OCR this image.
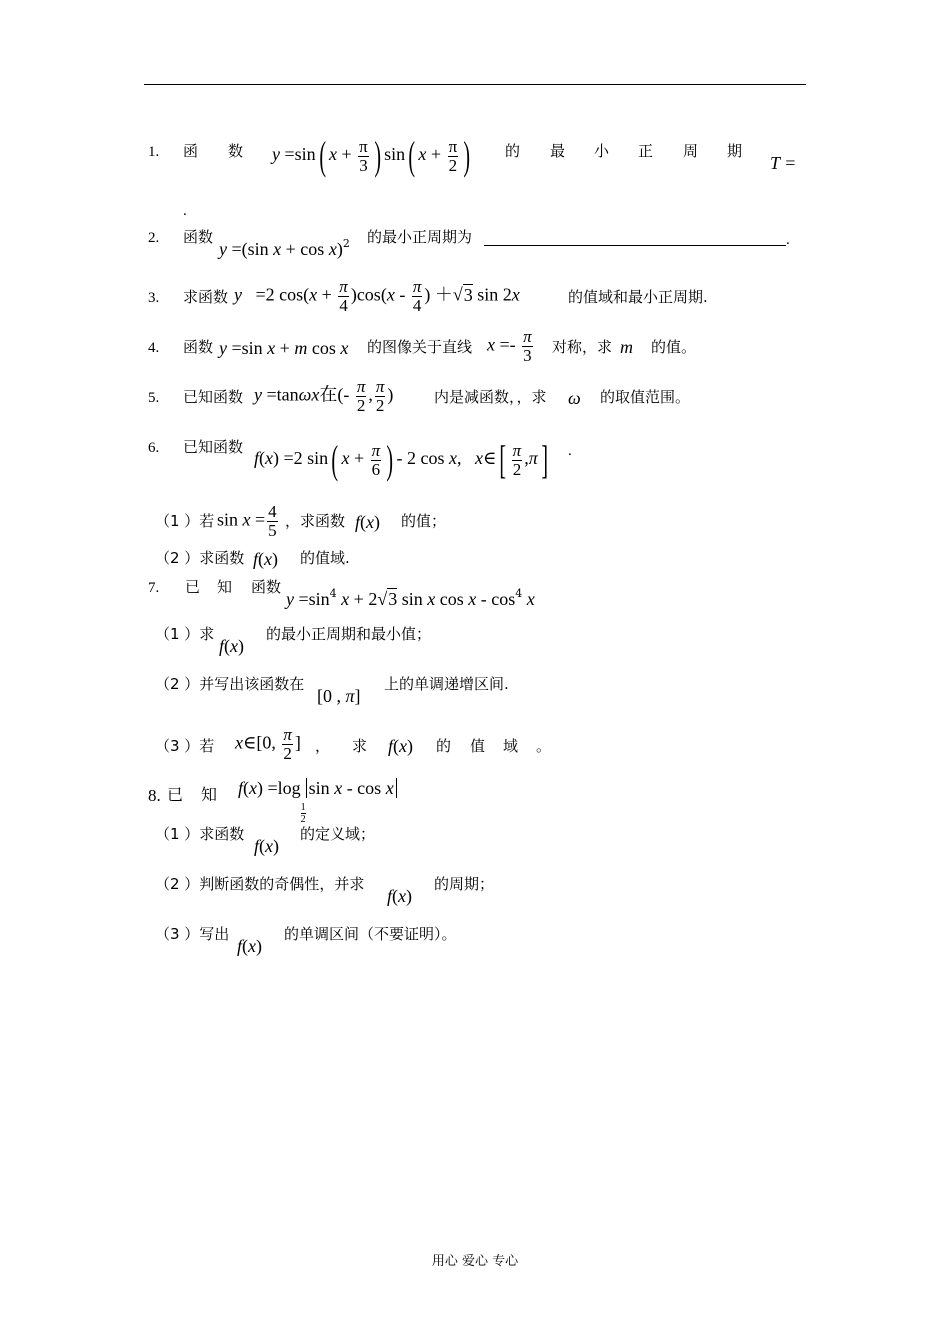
1. 函 数 y =sin( $x + \frac{\pi}{3}$ ) sin( $x + \frac{\pi}{2}$ ) 的 最 小 正 周 期
T =
.
2. 函数
y =(sin x + cos x)$^2$ 的最小正周期为	.
3. 求函数 y   =2 $\cos(x + \frac{\pi}{4} )\cos(x - \frac{\pi}{4}$ ) ＋√3 sin 2x	的值域和最小正周期.
4. 函数 y =sin x + m cos x 的图像关于直线 $x =- \frac{\pi}{3}$ 对称，求 m 的值。
5. 已知函数 y =tanωx在(- $\frac{\pi}{2}$ , $\frac{\pi}{2}$ )	内是减函数，，求 ω 的取值范围。
6. 已知函数
f(x) =2 sin( $x + \frac{\pi}{6}$ ) - 2 cos x,   x∈[ $\frac{\pi}{2} ,\pi$] .
（1 ）若 $\sin x = \frac{4}{5}$ ，求函数 f(x) 的值；
（2 ）求函数 f(x) 的值域.
7. 已 知 函数
$y =\sin^4$ x + 2√3 sin x cos x - $\cos^4 x$
（1 ）求
f(x)
的最小正周期和最小值；
（2 ）并写出该函数在
[0 , π]
上的单调递增区间.
（3 ）若 x∈[0, $\frac{\pi}{2}$ ] ， 求 f(x) 的 值 域 。
8. 已 知 f(x) =log
$\frac{1}{2}$
sin x - cos x
（1 ）求函数
f(x)
的定义域；
（2 ）判断函数的奇偶性，并求
f(x)
的周期；
（3 ）写出
f(x)
的单调区间（不要证明）。
用心 爱心 专心
